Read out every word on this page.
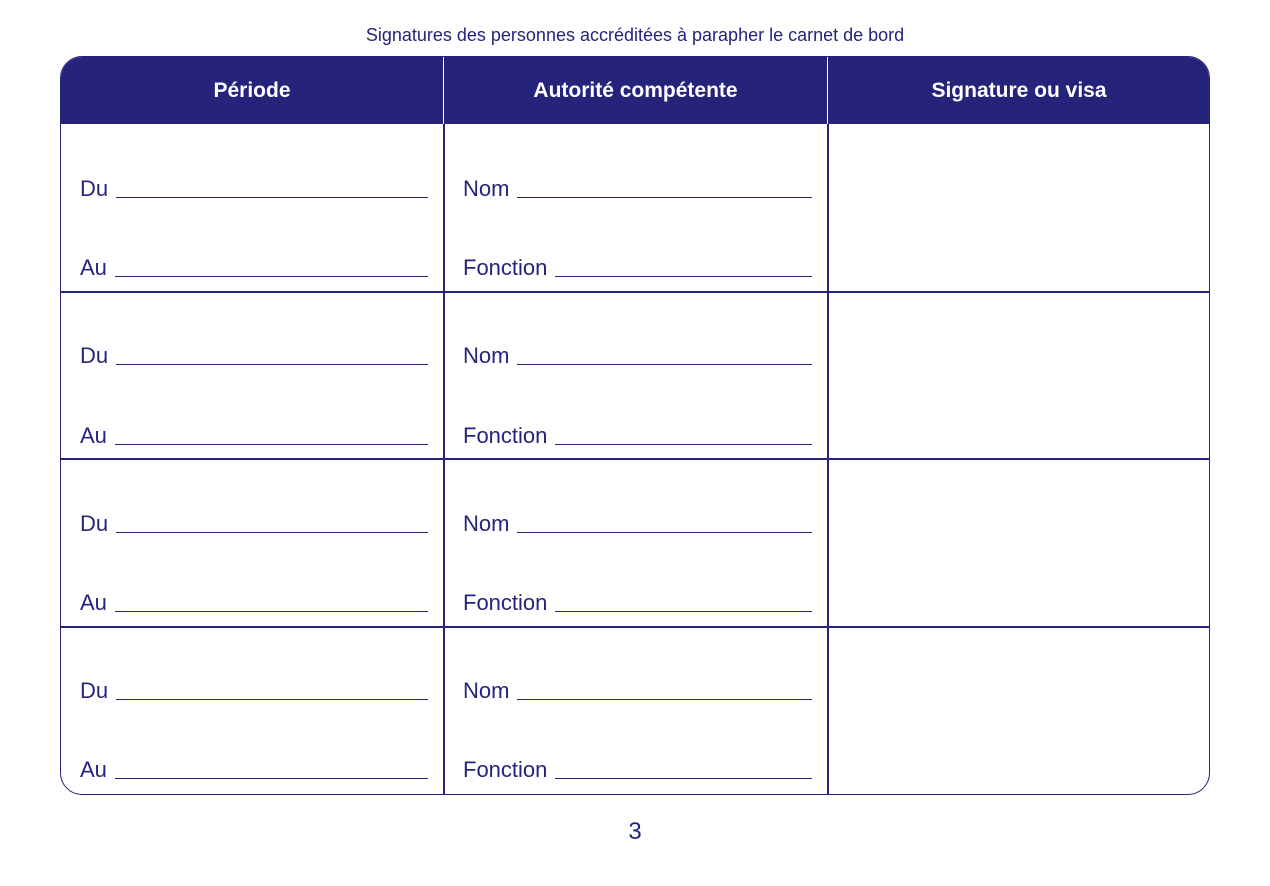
Signatures des personnes accréditées à parapher le carnet de bord
Période	Autorité compétente	Signature ou visa
Du
Au
Nom
Fonction
Du
Au
Nom
Fonction
Du
Au
Nom
Fonction
Du
Au
Nom
Fonction
3
